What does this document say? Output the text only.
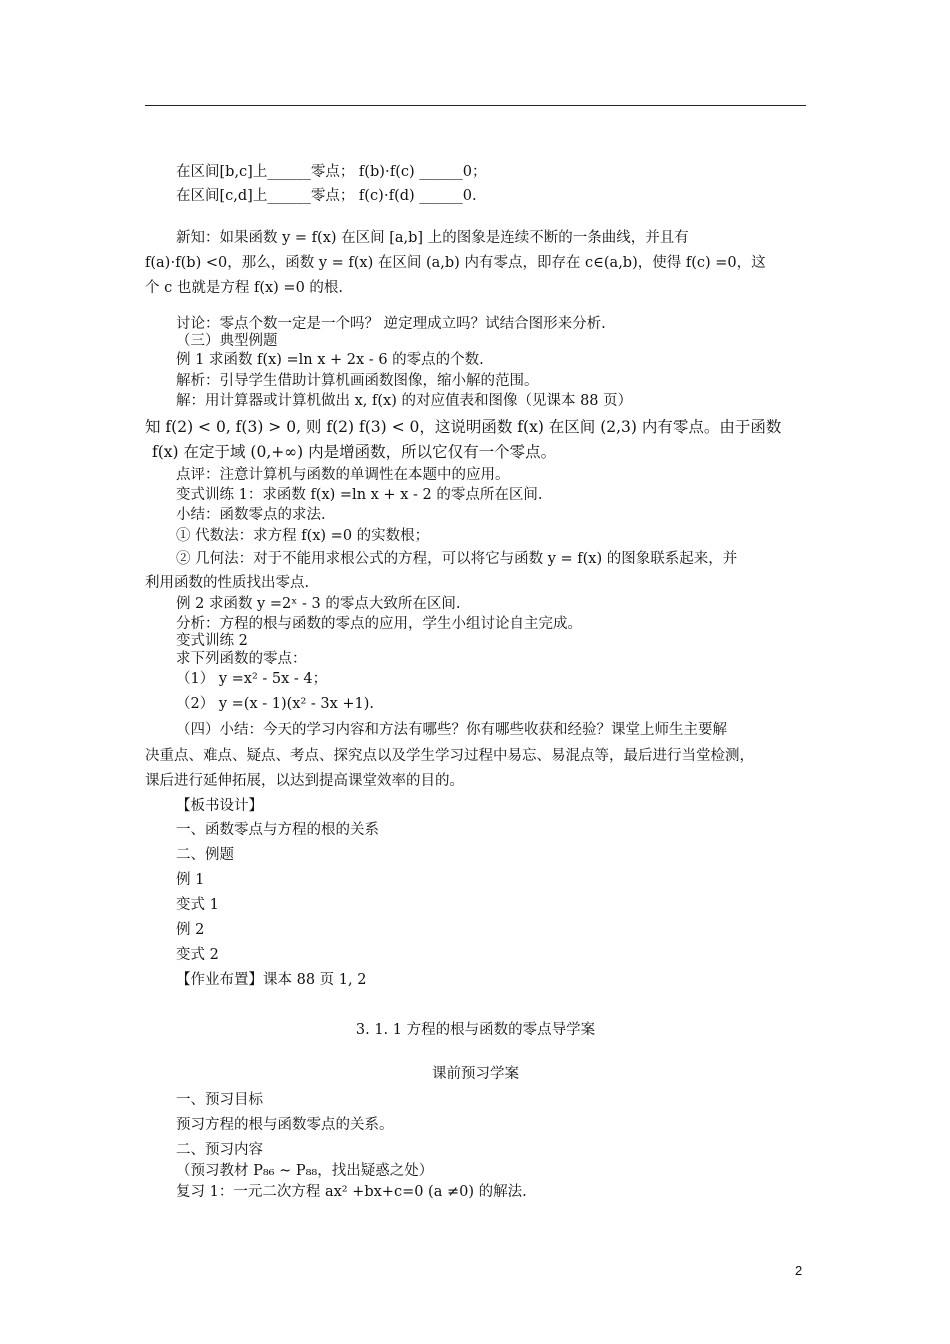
在区间[b,c]上______零点； f(b)⋅f(c) ______0；
在区间[c,d]上______零点； f(c)⋅f(d) ______0.
新知：如果函数 y = f(x) 在区间 [a,b] 上的图象是连续不断的一条曲线，并且有
f(a)⋅f(b) <0，那么，函数 y = f(x) 在区间 (a,b) 内有零点，即存在 c∈(a,b)，使得 f(c) =0，这
个 c 也就是方程 f(x) =0 的根.
讨论：零点个数一定是一个吗？ 逆定理成立吗？试结合图形来分析.
（三）典型例题
例 1 求函数 f(x) =ln x + 2x - 6 的零点的个数.
解析：引导学生借助计算机画函数图像，缩小解的范围。
解：用计算器或计算机做出 x, f(x) 的对应值表和图像（见课本 88 页）
知 f(2) < 0, f(3) > 0, 则 f(2) f(3) < 0，这说明函数 f(x) 在区间 (2,3) 内有零点。由于函数
f(x) 在定于域 (0,+∞) 内是增函数，所以它仅有一个零点。
点评：注意计算机与函数的单调性在本题中的应用。
变式训练 1：求函数 f(x) =ln x + x - 2 的零点所在区间.
小结：函数零点的求法.
① 代数法：求方程 f(x) =0 的实数根；
② 几何法：对于不能用求根公式的方程，可以将它与函数 y = f(x) 的图象联系起来，并
利用函数的性质找出零点.
例 2 求函数 y =2ˣ - 3 的零点大致所在区间.
分析：方程的根与函数的零点的应用，学生小组讨论自主完成。
变式训练 2
求下列函数的零点：
（1） y =x² - 5x - 4；
（2） y =(x - 1)(x² - 3x +1).
（四）小结：今天的学习内容和方法有哪些？你有哪些收获和经验？课堂上师生主要解
决重点、难点、疑点、考点、探究点以及学生学习过程中易忘、易混点等，最后进行当堂检测，
课后进行延伸拓展，以达到提高课堂效率的目的。
【板书设计】
一、函数零点与方程的根的关系
二、例题
例 1
变式 1
例 2
变式 2
【作业布置】课本 88 页 1, 2
3. 1. 1 方程的根与函数的零点导学案
课前预习学案
一、预习目标
预习方程的根与函数零点的关系。
二、预习内容
（预习教材 P₈₆ ~ P₈₈，找出疑惑之处）
复习 1：一元二次方程 ax² +bx+c=0 (a ≠0) 的解法.
2
